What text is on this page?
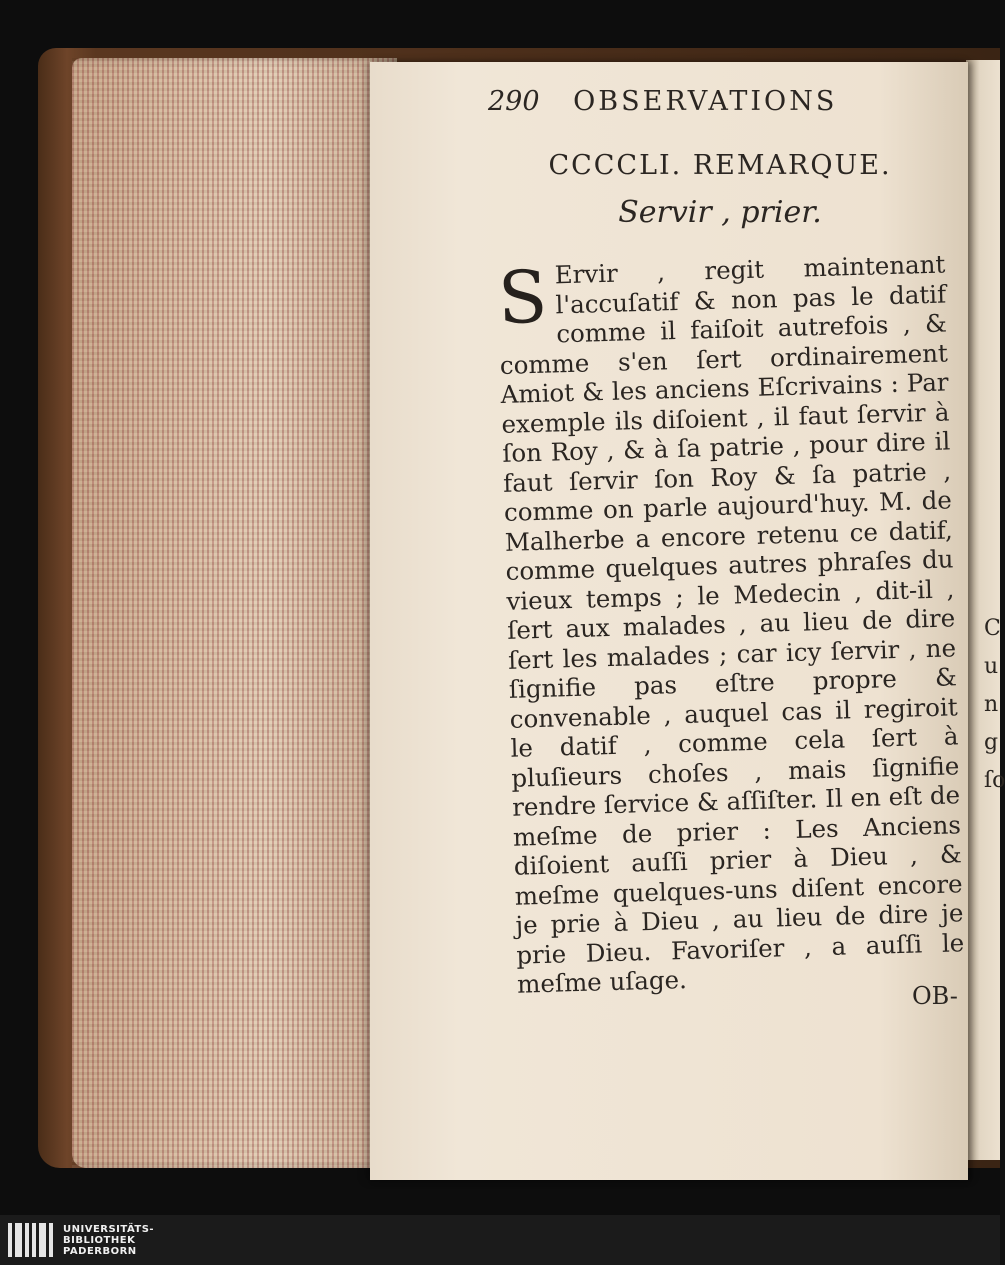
C
u
n
g
ſo
290 OBSERVATIONS
CCCCLI. REMARQUE.
Servir , prier.
S Ervir , regit maintenant l'accuſatif & non pas le datif comme il faiſoit autrefois , & comme s'en ſert ordinairement Amiot & les anciens Eſcrivains : Par exemple ils diſoient , il faut ſervir à ſon Roy , & à ſa patrie , pour dire il faut ſervir ſon Roy & ſa patrie , comme on parle aujourd'huy. M. de Malherbe a encore retenu ce datif, comme quelques autres phraſes du vieux temps ; le Medecin , dit-il , ſert aux malades , au lieu de dire ſert les malades ; car icy ſervir , ne ſignifie pas eſtre propre & convenable , auquel cas il regiroit le datif , comme cela ſert à pluſieurs choſes , mais ſignifie rendre ſervice & aſſiſter. Il en eſt de meſme de prier : Les Anciens diſoient auſſi prier à Dieu , & meſme quelques-uns diſent encore je prie à Dieu , au lieu de dire je prie Dieu. Favoriſer , a auſſi le meſme uſage.	OB-
UNIVERSITÄTS-
BIBLIOTHEK
PADERBORN
